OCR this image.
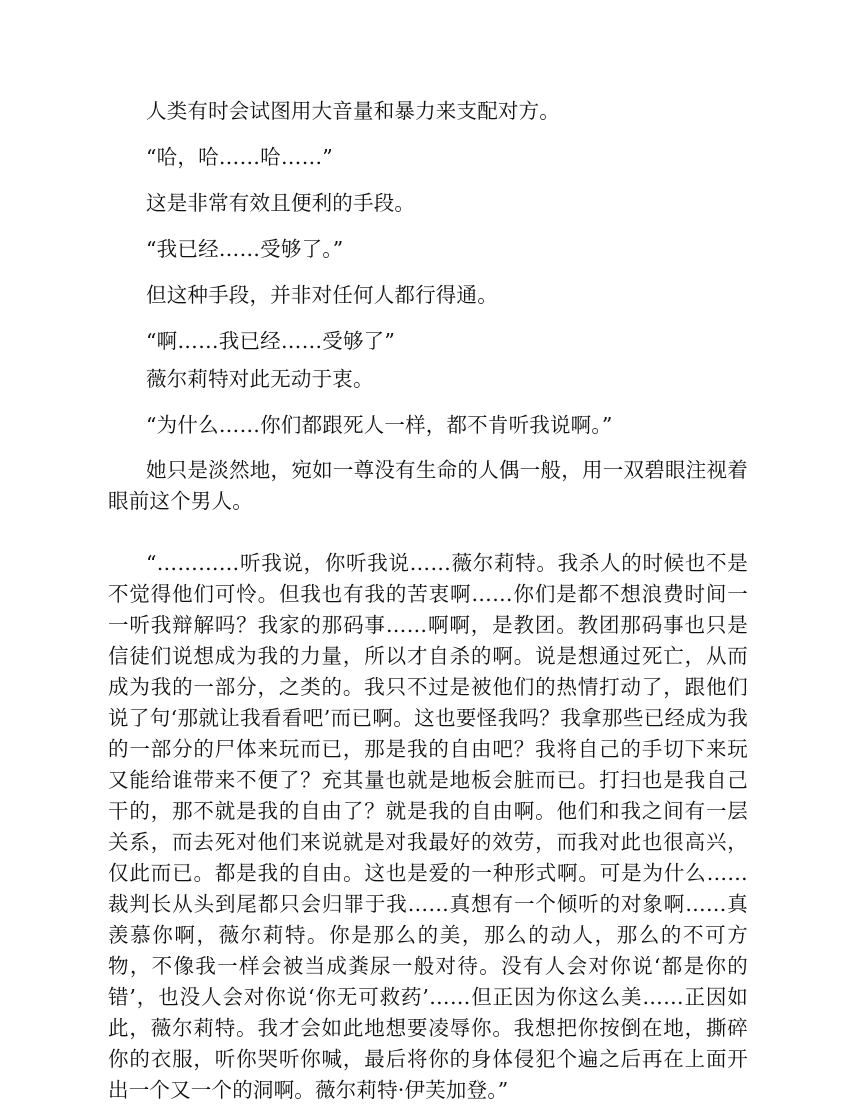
人类有时会试图用大音量和暴力来支配对方。

“哈，哈……哈……”

这是非常有效且便利的手段。

“我已经……受够了。”

但这种手段，并非对任何人都行得通。

“啊……我已经……受够了”

薇尔莉特对此无动于衷。

“为什么……你们都跟死人一样，都不肯听我说啊。”

她只是淡然地，宛如一尊没有生命的人偶一般，用一双碧眼注视着眼前这个男人。

“…………听我说，你听我说……薇尔莉特。我杀人的时候也不是不觉得他们可怜。但我也有我的苦衷啊……你们是都不想浪费时间一一听我辩解吗？我家的那码事……啊啊，是教团。教团那码事也只是信徒们说想成为我的力量，所以才自杀的啊。说是想通过死亡，从而成为我的一部分，之类的。我只不过是被他们的热情打动了，跟他们说了句‘那就让我看看吧’而已啊。这也要怪我吗？我拿那些已经成为我的一部分的尸体来玩而已，那是我的自由吧？我将自己的手切下来玩又能给谁带来不便了？充其量也就是地板会脏而已。打扫也是我自己干的，那不就是我的自由了？就是我的自由啊。他们和我之间有一层关系，而去死对他们来说就是对我最好的效劳，而我对此也很高兴，仅此而已。都是我的自由。这也是爱的一种形式啊。可是为什么……裁判长从头到尾都只会归罪于我……真想有一个倾听的对象啊……真羡慕你啊，薇尔莉特。你是那么的美，那么的动人，那么的不可方物，不像我一样会被当成粪尿一般对待。没有人会对你说‘都是你的错’，也没人会对你说‘你无可救药’……但正因为你这么美……正因如此，薇尔莉特。我才会如此地想要凌辱你。我想把你按倒在地，撕碎你的衣服，听你哭听你喊，最后将你的身体侵犯个遍之后再在上面开出一个又一个的洞啊。薇尔莉特·伊芙加登。”
